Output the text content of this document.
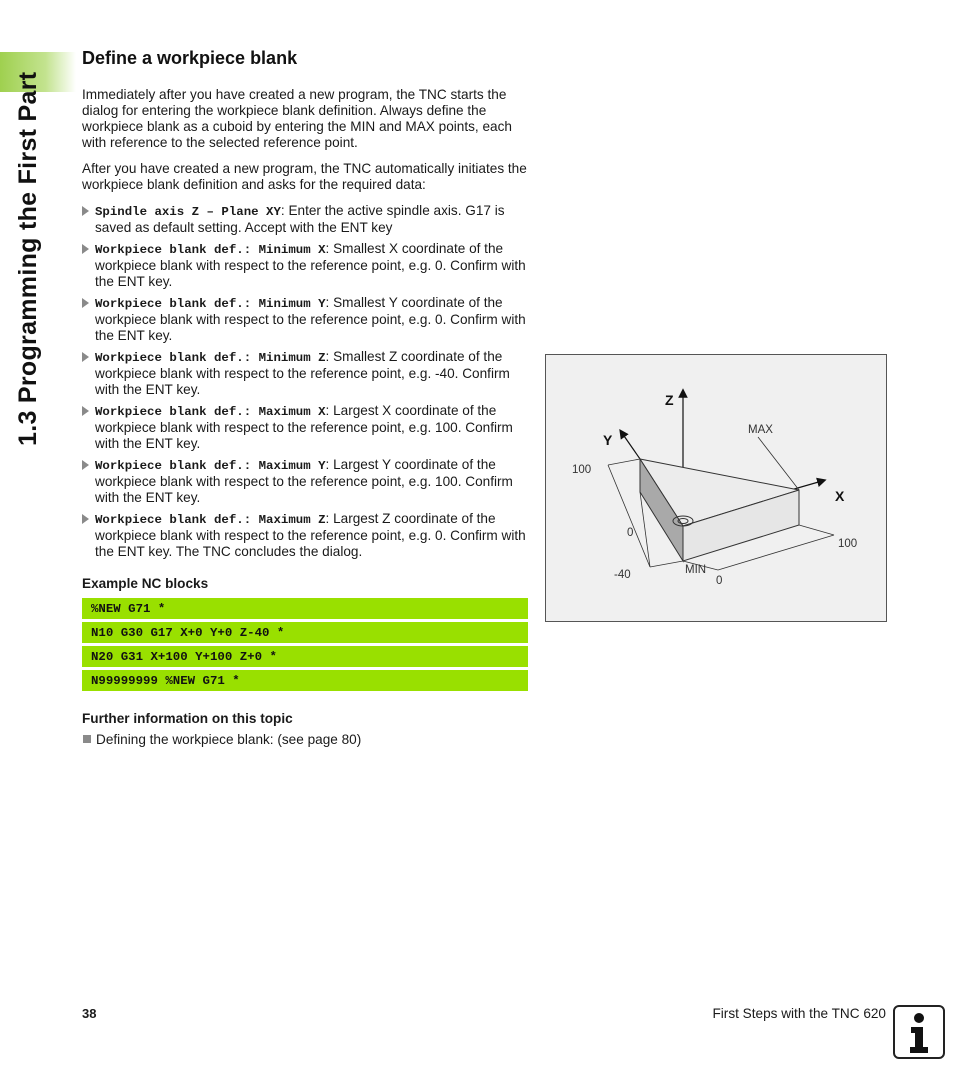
1.3 Programming the First Part
Define a workpiece blank

Immediately after you have created a new program, the TNC starts the dialog for entering the workpiece blank definition. Always define the workpiece blank as a cuboid by entering the MIN and MAX points, each with reference to the selected reference point.

After you have created a new program, the TNC automatically initiates the workpiece blank definition and asks for the required data:

Spindle axis Z – Plane XY: Enter the active spindle axis. G17 is saved as default setting. Accept with the ENT key
Workpiece blank def.: Minimum X: Smallest X coordinate of the workpiece blank with respect to the reference point, e.g. 0. Confirm with the ENT key.
Workpiece blank def.: Minimum Y: Smallest Y coordinate of the workpiece blank with respect to the reference point, e.g. 0. Confirm with the ENT key.
Workpiece blank def.: Minimum Z: Smallest Z coordinate of the workpiece blank with respect to the reference point, e.g. -40. Confirm with the ENT key.
Workpiece blank def.: Maximum X: Largest X coordinate of the workpiece blank with respect to the reference point, e.g. 100. Confirm with the ENT key.
Workpiece blank def.: Maximum Y: Largest Y coordinate of the workpiece blank with respect to the reference point, e.g. 100. Confirm with the ENT key.
Workpiece blank def.: Maximum Z: Largest Z coordinate of the workpiece blank with respect to the reference point, e.g. 0. Confirm with the ENT key. The TNC concludes the dialog.
Example NC blocks
%NEW G71 *
N10 G30 G17 X+0 Y+0 Z-40 *
N20 G31 X+100 Y+100 Z+0 *
N99999999 %NEW G71 *
Further information on this topic
Defining the workpiece blank: (see page 80)
Z
Y
X
MAX
MIN
100
0
-40	0
100
38	First Steps with the TNC 620
